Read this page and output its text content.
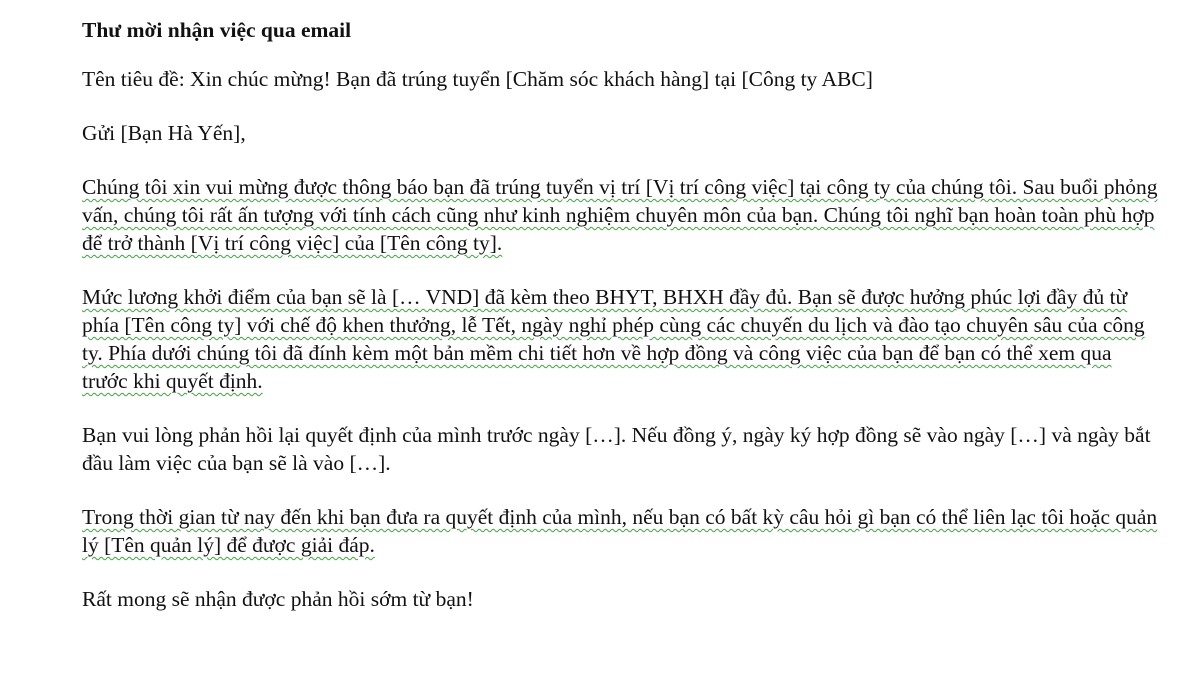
Thư mời nhận việc qua email

Tên tiêu đề: Xin chúc mừng! Bạn đã trúng tuyển [Chăm sóc khách hàng] tại [Công ty ABC]

Gửi [Bạn Hà Yến],

Chúng tôi xin vui mừng được thông báo bạn đã trúng tuyển vị trí [Vị trí công việc] tại công ty của chúng tôi. Sau buổi phỏng vấn, chúng tôi rất ấn tượng với tính cách cũng như kinh nghiệm chuyên môn của bạn. Chúng tôi nghĩ bạn hoàn toàn phù hợp để trở thành [Vị trí công việc] của [Tên công ty].

Mức lương khởi điểm của bạn sẽ là [… VND] đã kèm theo BHYT, BHXH đầy đủ. Bạn sẽ được hưởng phúc lợi đầy đủ từ phía [Tên công ty] với chế độ khen thưởng, lễ Tết, ngày nghỉ phép cùng các chuyến du lịch và đào tạo chuyên sâu của công ty. Phía dưới chúng tôi đã đính kèm một bản mềm chi tiết hơn về hợp đồng và công việc của bạn để bạn có thể xem qua trước khi quyết định.

Bạn vui lòng phản hồi lại quyết định của mình trước ngày […]. Nếu đồng ý, ngày ký hợp đồng sẽ vào ngày […] và ngày bắt đầu làm việc của bạn sẽ là vào […].

Trong thời gian từ nay đến khi bạn đưa ra quyết định của mình, nếu bạn có bất kỳ câu hỏi gì bạn có thể liên lạc tôi hoặc quản lý [Tên quản lý] để được giải đáp.

Rất mong sẽ nhận được phản hồi sớm từ bạn!
